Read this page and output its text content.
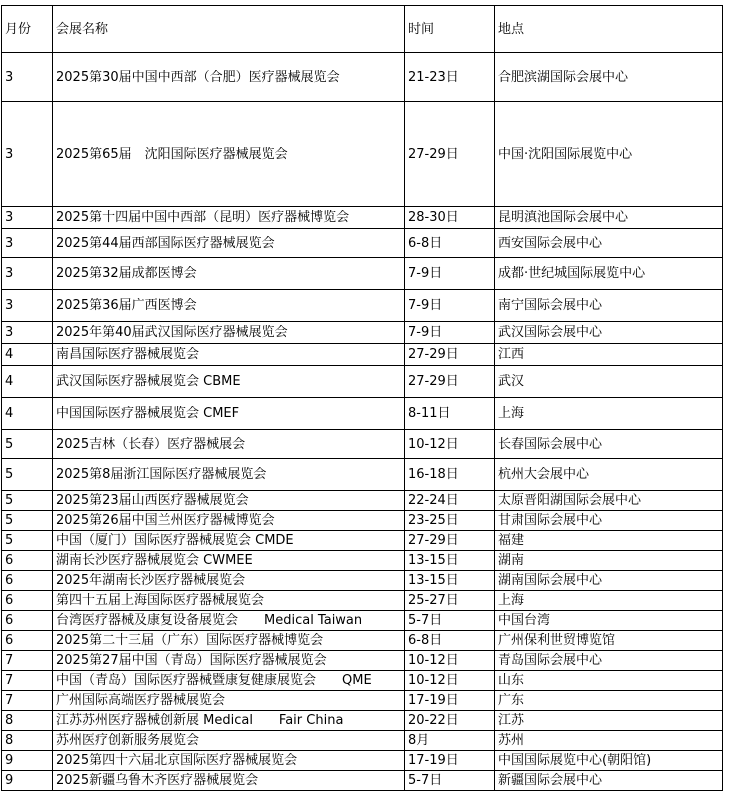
月份	会展名称	时间	地点

3	2025第30届中国中西部（合肥）医疗器械展览会	21-23日	合肥滨湖国际会展中心

3	2025第65届　沈阳国际医疗器械展览会	27-29日	中国·沈阳国际展览中心

3	2025第十四届中国中西部（昆明）医疗器械博览会	28-30日	昆明滇池国际会展中心

3	2025第44届西部国际医疗器械展览会	6-8日	西安国际会展中心

3	2025第32届成都医博会	7-9日	成都·世纪城国际展览中心

3	2025第36届广西医博会	7-9日	南宁国际会展中心

3	2025年第40届武汉国际医疗器械展览会	7-9日	武汉国际会展中心

4	南昌国际医疗器械展览会	27-29日	江西

4	武汉国际医疗器械展览会 CBME	27-29日	武汉

4	中国国际医疗器械展览会 CMEF	8-11日	上海

5	2025吉林（长春）医疗器械展会	10-12日	长春国际会展中心

5	2025第8届浙江国际医疗器械展览会	16-18日	杭州大会展中心

5	2025第23届山西医疗器械展览会	22-24日	太原晋阳湖国际会展中心

5	2025第26届中国兰州医疗器械博览会	23-25日	甘肃国际会展中心

5	中国（厦门）国际医疗器械展览会 CMDE	27-29日	福建

6	湖南长沙医疗器械展览会 CWMEE	13-15日	湖南

6	2025年湖南长沙医疗器械展览会	13-15日	湖南国际会展中心

6	第四十五届上海国际医疗器械展览会	25-27日	上海

6	台湾医疗器械及康复设备展览会　　Medical Taiwan	5-7日	中国台湾

6	2025第二十三届（广东）国际医疗器械博览会	6-8日	广州保利世贸博览馆

7	2025第27届中国（青岛）国际医疗器械展览会	10-12日	青岛国际会展中心

7	中国（青岛）国际医疗器械暨康复健康展览会　　QME	10-12日	山东

7	广州国际高端医疗器械展览会	17-19日	广东

8	江苏苏州医疗器械创新展 Medical　　Fair China	20-22日	江苏

8	苏州医疗创新服务展览会	8月	苏州

9	2025第四十六届北京国际医疗器械展览会	17-19日	中国国际展览中心(朝阳馆)

9	2025新疆乌鲁木齐医疗器械展览会	5-7日	新疆国际会展中心
